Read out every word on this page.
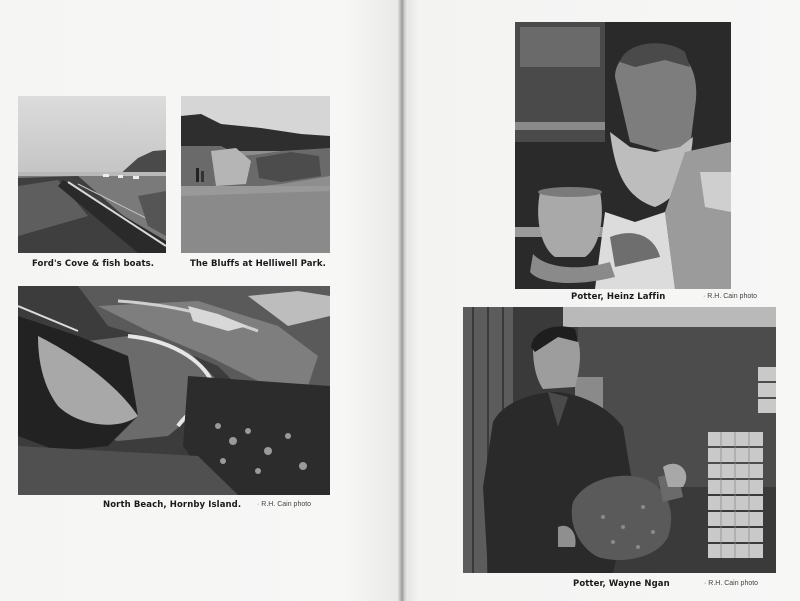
Ford's Cove & fish boats.	The Bluffs at Helliwell Park.
North Beach, Hornby Island. · R.H. Cain photo
Potter, Heinz Laffin	· R.H. Cain photo
Potter, Wayne Ngan	· R.H. Cain photo
